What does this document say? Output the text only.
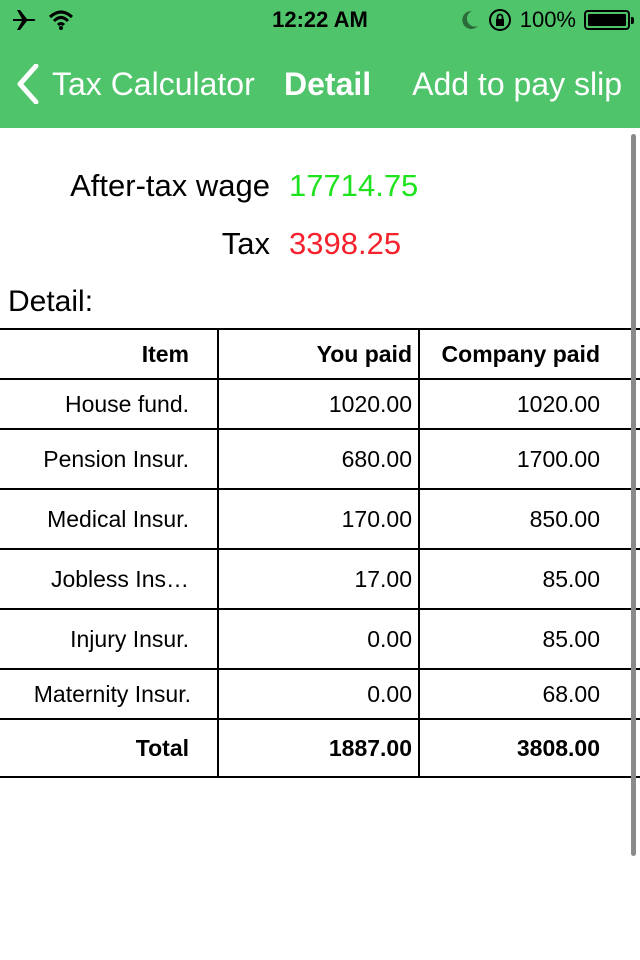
12:22 AM	100%
Tax Calculator Detail Add to pay slip
After-tax wage 17714.75
Tax 3398.25
Detail:
Item	You paid	Company paid
House fund.	1020.00	1020.00
Pension Insur.	680.00	1700.00
Medical Insur.	170.00	850.00
Jobless Ins…	17.00	85.00
Injury Insur.	0.00	85.00
Maternity Insur.	0.00	68.00
Total	1887.00	3808.00
